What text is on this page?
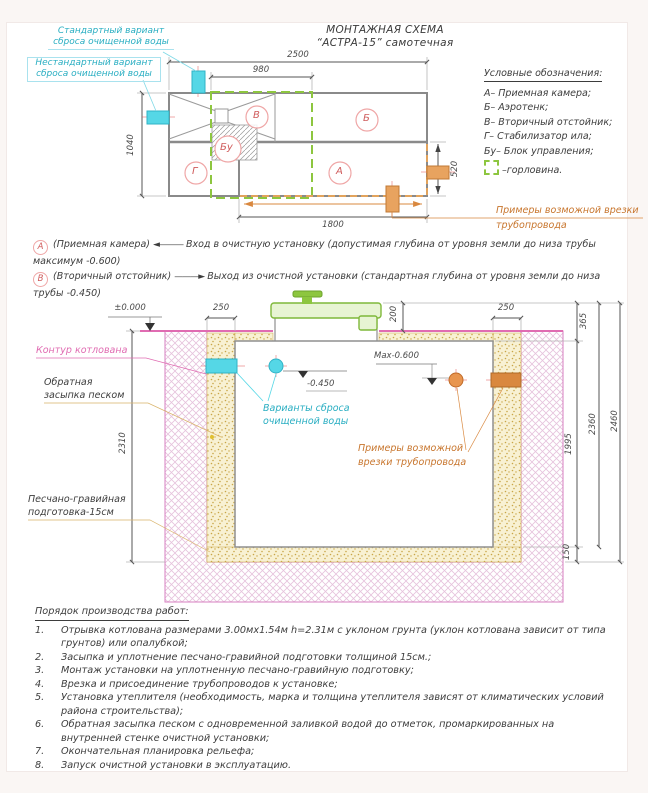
МОНТАЖНАЯ СХЕМА
“АСТРА-15” самотечная
Стандартный вариант
сброса очищенной воды
Нестандартный вариант
сброса очищенной воды
В	Б
Бу
Г	А
2500
980
1040
520
1800
Условные обозначения:
А– Приемная камера;
Б– Аэротенк;
В– Вторичный отстойник;
Г– Стабилизатор ила;
Бу– Блок управления;
–горловина.
Примеры возможной врезки
трубопровода
А (Приемная камера) ◄——— Вход в очистную установку (допустимая глубина от уровня земли до низа трубы максимум -0.600)
В (Вторичный отстойник) ———► Выход из очистной установки (стандартная глубина от уровня земли до низа трубы -0.450)
±0.000	250	250
200	365
1995
150
2360 2460
2310
Max-0.600
-0.450
Контур котлована
Обратная
засыпка песком
Песчано-гравийная
подготовка-15см
Варианты сброса
очищенной воды
Примеры возможной
врезки трубопровода
Порядок производства работ:
1.	Отрывка котлована размерами 3.00мх1.54м h=2.31м с уклоном грунта (уклон котлована зависит от типа грунтов) или опалубкой;
2.	Засыпка и уплотнение песчано-гравийной подготовки толщиной 15см.;
3.	Монтаж установки на уплотненную песчано-гравийную подготовку;
4.	Врезка и присоединение трубопроводов к установке;
5.	Установка утеплителя (необходимость, марка и толщина утеплителя зависят от климатических условий района строительства);
6.	Обратная засыпка песком с одновременной заливкой водой до отметок, промаркированных на внутренней стенке очистной установки;
7.	Окончательная планировка рельефа;
8.	Запуск очистной установки в эксплуатацию.
